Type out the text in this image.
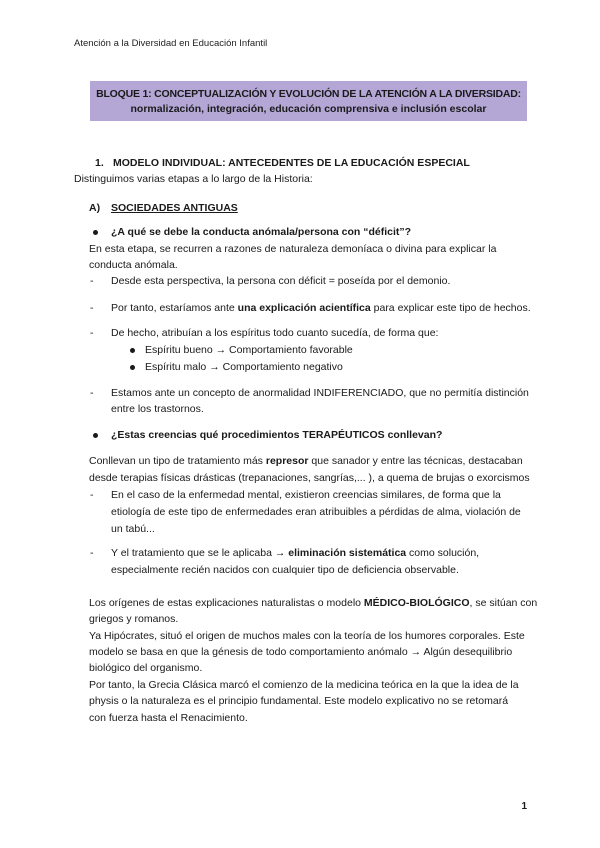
Atención a la Diversidad en Educación Infantil
BLOQUE 1: CONCEPTUALIZACIÓN Y EVOLUCIÓN DE LA ATENCIÓN A LA DIVERSIDAD:
normalización, integración, educación comprensiva e inclusión escolar
1. MODELO INDIVIDUAL: ANTECEDENTES DE LA EDUCACIÓN ESPECIAL
Distinguimos varias etapas a lo largo de la Historia:
A) SOCIEDADES ANTIGUAS
¿A qué se debe la conducta anómala/persona con “déficit”?
En esta etapa, se recurren a razones de naturaleza demoníaca o divina para explicar la
conducta anómala.
- Desde esta perspectiva, la persona con déficit = poseída por el demonio.
- Por tanto, estaríamos ante una explicación acientífica para explicar este tipo de hechos.
- De hecho, atribuían a los espíritus todo cuanto sucedía, de forma que:
Espíritu bueno → Comportamiento favorable
Espíritu malo → Comportamiento negativo
- Estamos ante un concepto de anormalidad INDIFERENCIADO, que no permitía distinción
entre los trastornos.
¿Estas creencias qué procedimientos TERAPÉUTICOS conllevan?
Conllevan un tipo de tratamiento más represor que sanador y entre las técnicas, destacaban
desde terapias físicas drásticas (trepanaciones, sangrías,... ), a quema de brujas o exorcismos
- En el caso de la enfermedad mental, existieron creencias similares, de forma que la
etiología de este tipo de enfermedades eran atribuibles a pérdidas de alma, violación de
un tabú...
- Y el tratamiento que se le aplicaba → eliminación sistemática como solución,
especialmente recién nacidos con cualquier tipo de deficiencia observable.
Los orígenes de estas explicaciones naturalistas o modelo MÉDICO-BIOLÓGICO, se sitúan con
griegos y romanos.
Ya Hipócrates, situó el origen de muchos males con la teoría de los humores corporales. Este
modelo se basa en que la génesis de todo comportamiento anómalo → Algún desequilibrio
biológico del organismo.
Por tanto, la Grecia Clásica marcó el comienzo de la medicina teórica en la que la idea de la
physis o la naturaleza es el principio fundamental. Este modelo explicativo no se retomará
con fuerza hasta el Renacimiento.
1
